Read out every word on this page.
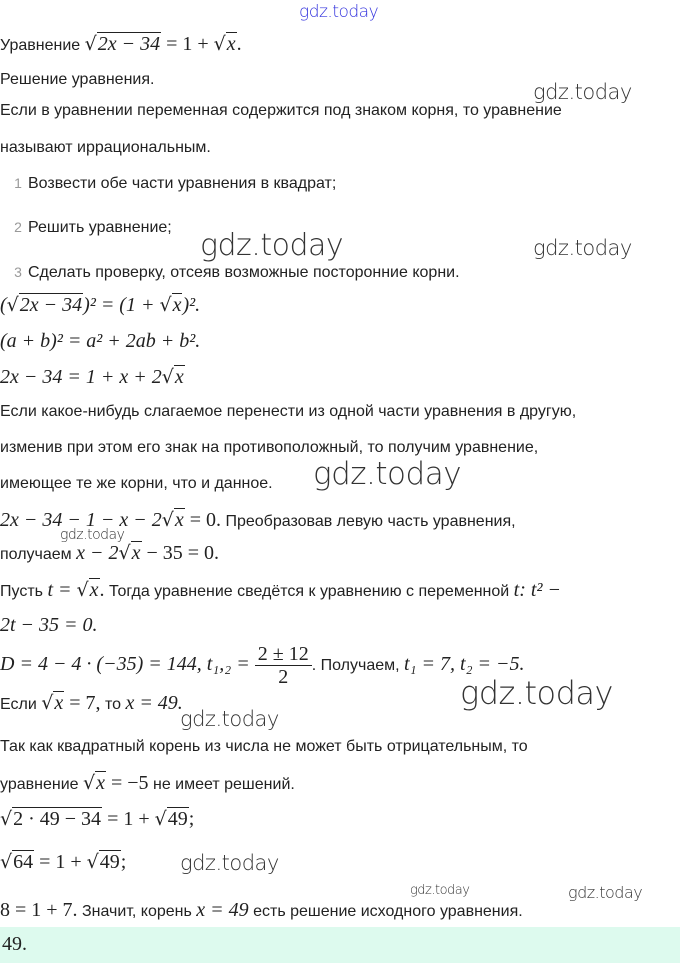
gdz.today
gdz.today
gdz.today	gdz.today
gdz.today
gdz.today
gdz.today
gdz.today
gdz.today
gdz.today	gdz.today
Уравнение √2x − 34 = 1 + √x.
Решение уравнения.
Если в уравнении переменная содержится под знаком корня, то уравнение
называют иррациональным.
1 Возвести обе части уравнения в квадрат;
2 Решить уравнение;
3 Сделать проверку, отсеяв возможные посторонние корни.
(√2x − 34)² = (1 + √x)².
(a + b)² = a² + 2ab + b².
2x − 34 = 1 + x + 2√x
Если какое-нибудь слагаемое перенести из одной части уравнения в другую,
изменив при этом его знак на противоположный, то получим уравнение,
имеющее те же корни, что и данное.
2x − 34 − 1 − x − 2√x = 0. Преобразовав левую часть уравнения,
получаем x − 2√x − 35 = 0.
Пусть t = √x. Тогда уравнение сведётся к уравнению с переменной t: t² −
2t − 35 = 0.
D = 4 − 4 · (−35) = 144, $t_1,_2 = \frac{2 \pm 12}{2}$ . Получаем, t₁ = 7, t₂ = −5.
Если √x = 7, то x = 49.
Так как квадратный корень из числа не может быть отрицательным, то
уравнение √x = −5 не имеет решений.
√2 · 49 − 34 = 1 + √49;
√64 = 1 + √49;
8 = 1 + 7. Значит, корень x = 49 есть решение исходного уравнения.
49.
